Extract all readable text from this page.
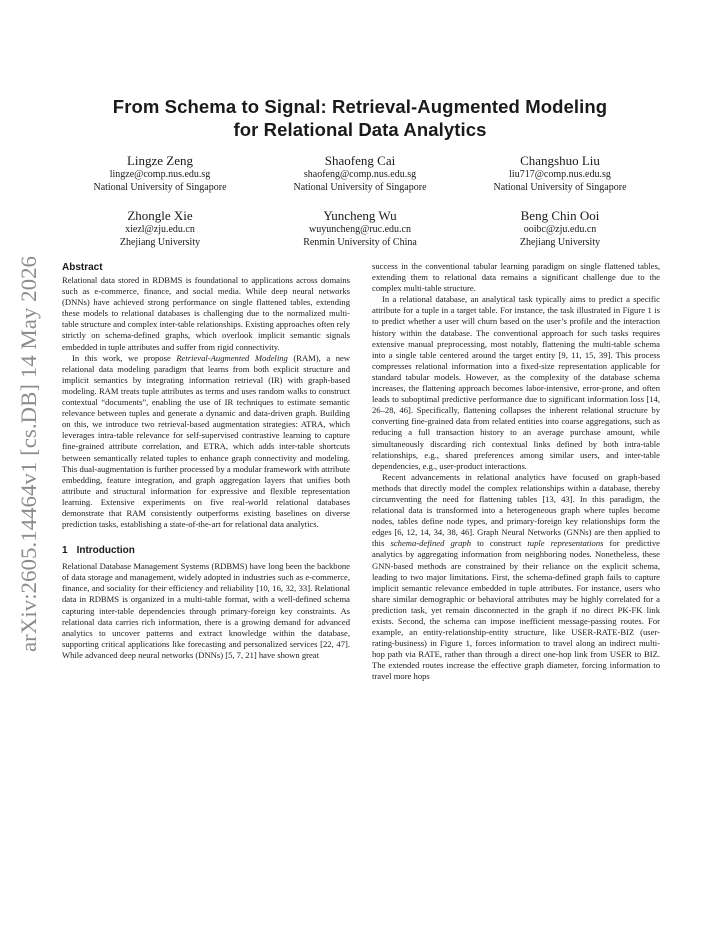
arXiv:2605.14464v1 [cs.DB] 14 May 2026
From Schema to Signal: Retrieval-Augmented Modeling
for Relational Data Analytics
Lingze Zeng
lingze@comp.nus.edu.sg
National University of Singapore
Shaofeng Cai
shaofeng@comp.nus.edu.sg
National University of Singapore
Changshuo Liu
liu717@comp.nus.edu.sg
National University of Singapore
Zhongle Xie
xiezl@zju.edu.cn
Zhejiang University
Yuncheng Wu
wuyuncheng@ruc.edu.cn
Renmin University of China
Beng Chin Ooi
ooibc@zju.edu.cn
Zhejiang University
Abstract

Relational data stored in RDBMS is foundational to applications across domains such as e-commerce, finance, and social media. While deep neural networks (DNNs) have achieved strong performance on single flattened tables, extending these models to relational databases is challenging due to the normalized multi-table structure and complex inter-table relationships. Existing approaches often rely strictly on schema-defined graphs, which overlook implicit semantic signals embedded in tuple attributes and suffer from rigid connectivity.

In this work, we propose Retrieval-Augmented Modeling (RAM), a new relational data modeling paradigm that learns from both explicit structure and implicit semantics by integrating information retrieval (IR) with graph-based modeling. RAM treats tuple attributes as terms and uses random walks to construct contextual “documents”, enabling the use of IR techniques to estimate semantic relevance between tuples and generate a dynamic and data-driven graph. Building on this, we introduce two retrieval-based augmentation strategies: ATRA, which leverages intra-table relevance for self-supervised contrastive learning to capture fine-grained attribute correlation, and ETRA, which adds inter-table shortcuts between semantically related tuples to enhance graph connectivity and modeling. This dual-augmentation is further processed by a modular framework with attribute embedding, feature integration, and graph aggregation layers that unifies both attribute and structural information for expressive and flexible representation learning. Extensive experiments on five real-world relational databases demonstrate that RAM consistently outperforms existing baselines on diverse prediction tasks, establishing a state-of-the-art for relational data analytics.

1 Introduction

Relational Database Management Systems (RDBMS) have long been the backbone of data storage and management, widely adopted in industries such as e-commerce, finance, and sociality for their efficiency and reliability [10, 16, 32, 33]. Relational data in RDBMS is organized in a multi-table format, with a well-defined schema capturing inter-table dependencies through primary-foreign key constraints. As relational data carries rich information, there is a growing demand for advanced analytics to uncover patterns and extract knowledge within the database, supporting critical applications like forecasting and personalized services [22, 47]. While advanced deep neural networks (DNNs) [5, 7, 21] have shown great

success in the conventional tabular learning paradigm on single flattened tables, extending them to relational data remains a significant challenge due to the complex multi-table structure.

In a relational database, an analytical task typically aims to predict a specific attribute for a tuple in a target table. For instance, the task illustrated in Figure 1 is to predict whether a user will churn based on the user’s profile and the interaction history within the database. The conventional approach for such tasks requires extensive manual preprocessing, most notably, flattening the multi-table schema into a single table centered around the target entity [9, 11, 15, 39]. This process compresses relational information into a fixed-size representation applicable for standard tabular models. However, as the complexity of the database schema increases, the flattening approach becomes labor-intensive, error-prone, and often leads to suboptimal predictive performance due to significant information loss [14, 26–28, 46]. Specifically, flattening collapses the inherent relational structure by converting fine-grained data from related entities into coarse aggregations, such as reducing a full transaction history to an average purchase amount, while simultaneously discarding rich contextual links defined by both intra-table relationships, e.g., shared preferences among similar users, and inter-table dependencies, e.g., user-product interactions.

Recent advancements in relational analytics have focused on graph-based methods that directly model the complex relationships within a database, thereby circumventing the need for flattening tables [13, 43]. In this paradigm, the relational data is transformed into a heterogeneous graph where tuples become nodes, tables define node types, and primary-foreign key relationships form the edges [6, 12, 14, 34, 38, 46]. Graph Neural Networks (GNNs) are then applied to this schema-defined graph to construct tuple representations for predictive analytics by aggregating information from neighboring nodes. Nonetheless, these GNN-based methods are constrained by their reliance on the explicit schema, leading to two major limitations. First, the schema-defined graph fails to capture implicit semantic relevance embedded in tuple attributes. For instance, users who share similar demographic or behavioral attributes may be highly correlated for a prediction task, yet remain disconnected in the graph if no direct PK-FK link exists. Second, the schema can impose inefficient message-passing routes. For example, an entity-relationship-entity structure, like USER-RATE-BIZ (user-rating-business) in Figure 1, forces information to travel along an indirect multi-hop path via RATE, rather than through a direct one-hop link from USER to BIZ. The extended routes increase the effective graph diameter, forcing information to travel more hops
